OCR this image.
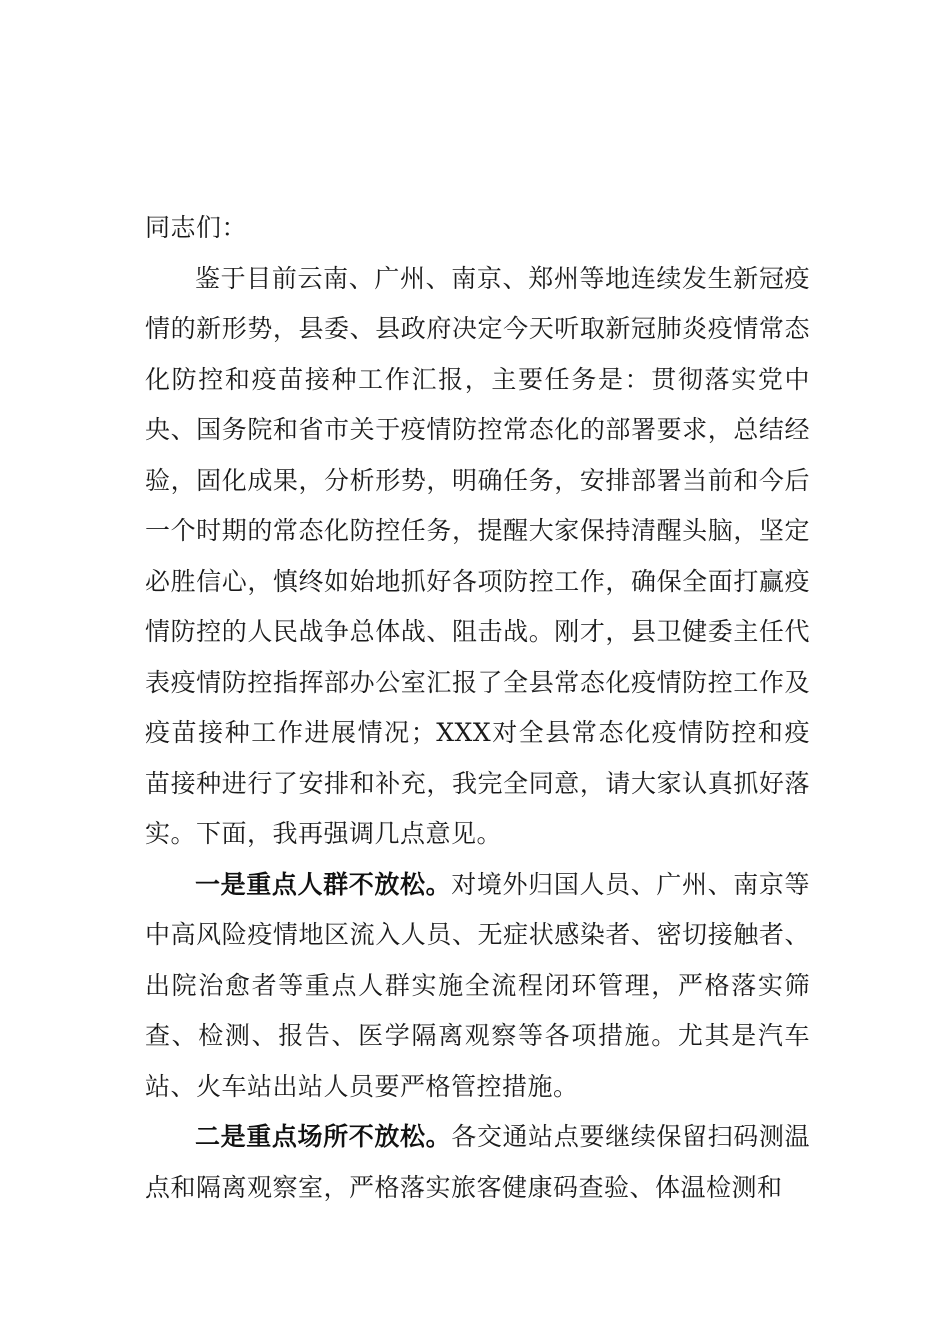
同志们：

鉴于目前云南、广州、南京、郑州等地连续发生新冠疫情的新形势，县委、县政府决定今天听取新冠肺炎疫情常态化防控和疫苗接种工作汇报，主要任务是：贯彻落实党中央、国务院和省市关于疫情防控常态化的部署要求，总结经验，固化成果，分析形势，明确任务，安排部署当前和今后一个时期的常态化防控任务，提醒大家保持清醒头脑，坚定必胜信心，慎终如始地抓好各项防控工作，确保全面打赢疫情防控的人民战争总体战、阻击战。刚才，县卫健委主任代表疫情防控指挥部办公室汇报了全县常态化疫情防控工作及疫苗接种工作进展情况；XXX对全县常态化疫情防控和疫苗接种进行了安排和补充，我完全同意，请大家认真抓好落实。下面，我再强调几点意见。

一是重点人群不放松。对境外归国人员、广州、南京等中高风险疫情地区流入人员、无症状感染者、密切接触者、出院治愈者等重点人群实施全流程闭环管理，严格落实筛查、检测、报告、医学隔离观察等各项措施。尤其是汽车站、火车站出站人员要严格管控措施。

二是重点场所不放松。各交通站点要继续保留扫码测温点和隔离观察室，严格落实旅客健康码查验、体温检测和
